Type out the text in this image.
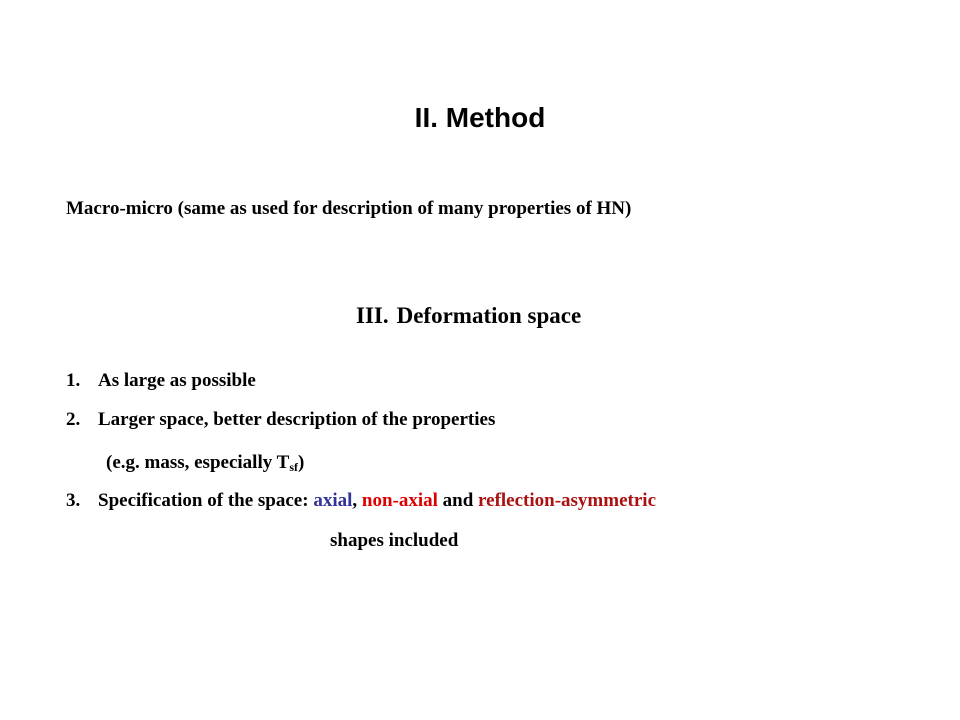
II. Method
Macro-micro (same as used for description of many properties of HN)
III. Deformation space
1. As large as possible
2. Larger space, better description of the properties
(e.g. mass, especially $T_{sf}$)
3. Specification of the space: axial, non-axial and reflection-asymmetric
shapes included
